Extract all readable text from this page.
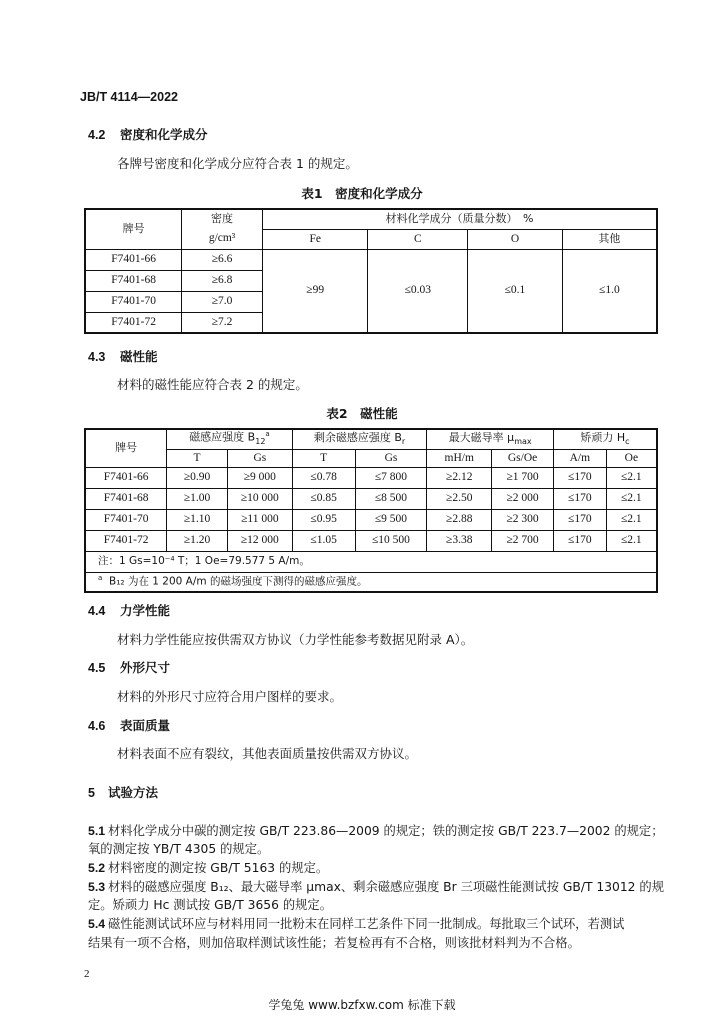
JB/T 4114—2022
4.2 密度和化学成分
各牌号密度和化学成分应符合表 1 的规定。
表1　密度和化学成分
牌号	密度	材料化学成分（质量分数）　%			
	g/cm³	Fe	C	O	其他
F7401-66	≥6.6	≥99	≤0.03	≤0.1	≤1.0
F7401-68	≥6.8				
F7401-70	≥7.0				
F7401-72	≥7.2				
4.3 磁性能
材料的磁性能应符合表 2 的规定。
表2　磁性能
牌号	磁感应强度 $B_{12}^a$		剩余磁感应强度 $B_r$		最大磁导率 $\mu_{max}$		矫顽力 $H_c$
	T	Gs	T	Gs	mH/m	Gs/Oe	A/m	Oe
F7401-66	≥0.90	≥9 000	≤0.78	≤7 800	≥2.12	≥1 700	≤170	≤2.1
F7401-68	≥1.00	≥10 000	≤0.85	≤8 500	≥2.50	≥2 000	≤170	≤2.1
F7401-70	≥1.10	≥11 000	≤0.95	≤9 500	≥2.88	≥2 300	≤170	≤2.1
F7401-72	≥1.20	≥12 000	≤1.05	≤10 500	≥3.38	≥2 700	≤170	≤2.1
注：1 Gs=10⁻⁴ T；1 Oe=79.577 5 A/m。								
$^a$ B₁₂ 为在 1 200 A/m 的磁场强度下测得的磁感应强度。								
4.4 力学性能
材料力学性能应按供需双方协议（力学性能参考数据见附录 A）。
4.5 外形尺寸
材料的外形尺寸应符合用户图样的要求。
4.6 表面质量
材料表面不应有裂纹，其他表面质量按供需双方协议。
5 试验方法
5.1 材料化学成分中碳的测定按 GB/T 223.86—2009 的规定；铁的测定按 GB/T 223.7—2002 的规定；
氧的测定按 YB/T 4305 的规定。
5.2 材料密度的测定按 GB/T 5163 的规定。
5.3 材料的磁感应强度 B₁₂、最大磁导率 μmax、剩余磁感应强度 Br 三项磁性能测试按 GB/T 13012 的规
定。矫顽力 Hc 测试按 GB/T 3656 的规定。
5.4 磁性能测试试环应与材料用同一批粉末在同样工艺条件下同一批制成。每批取三个试环，若测试
结果有一项不合格，则加倍取样测试该性能；若复检再有不合格，则该批材料判为不合格。
2
学兔兔 www.bzfxw.com 标准下载
